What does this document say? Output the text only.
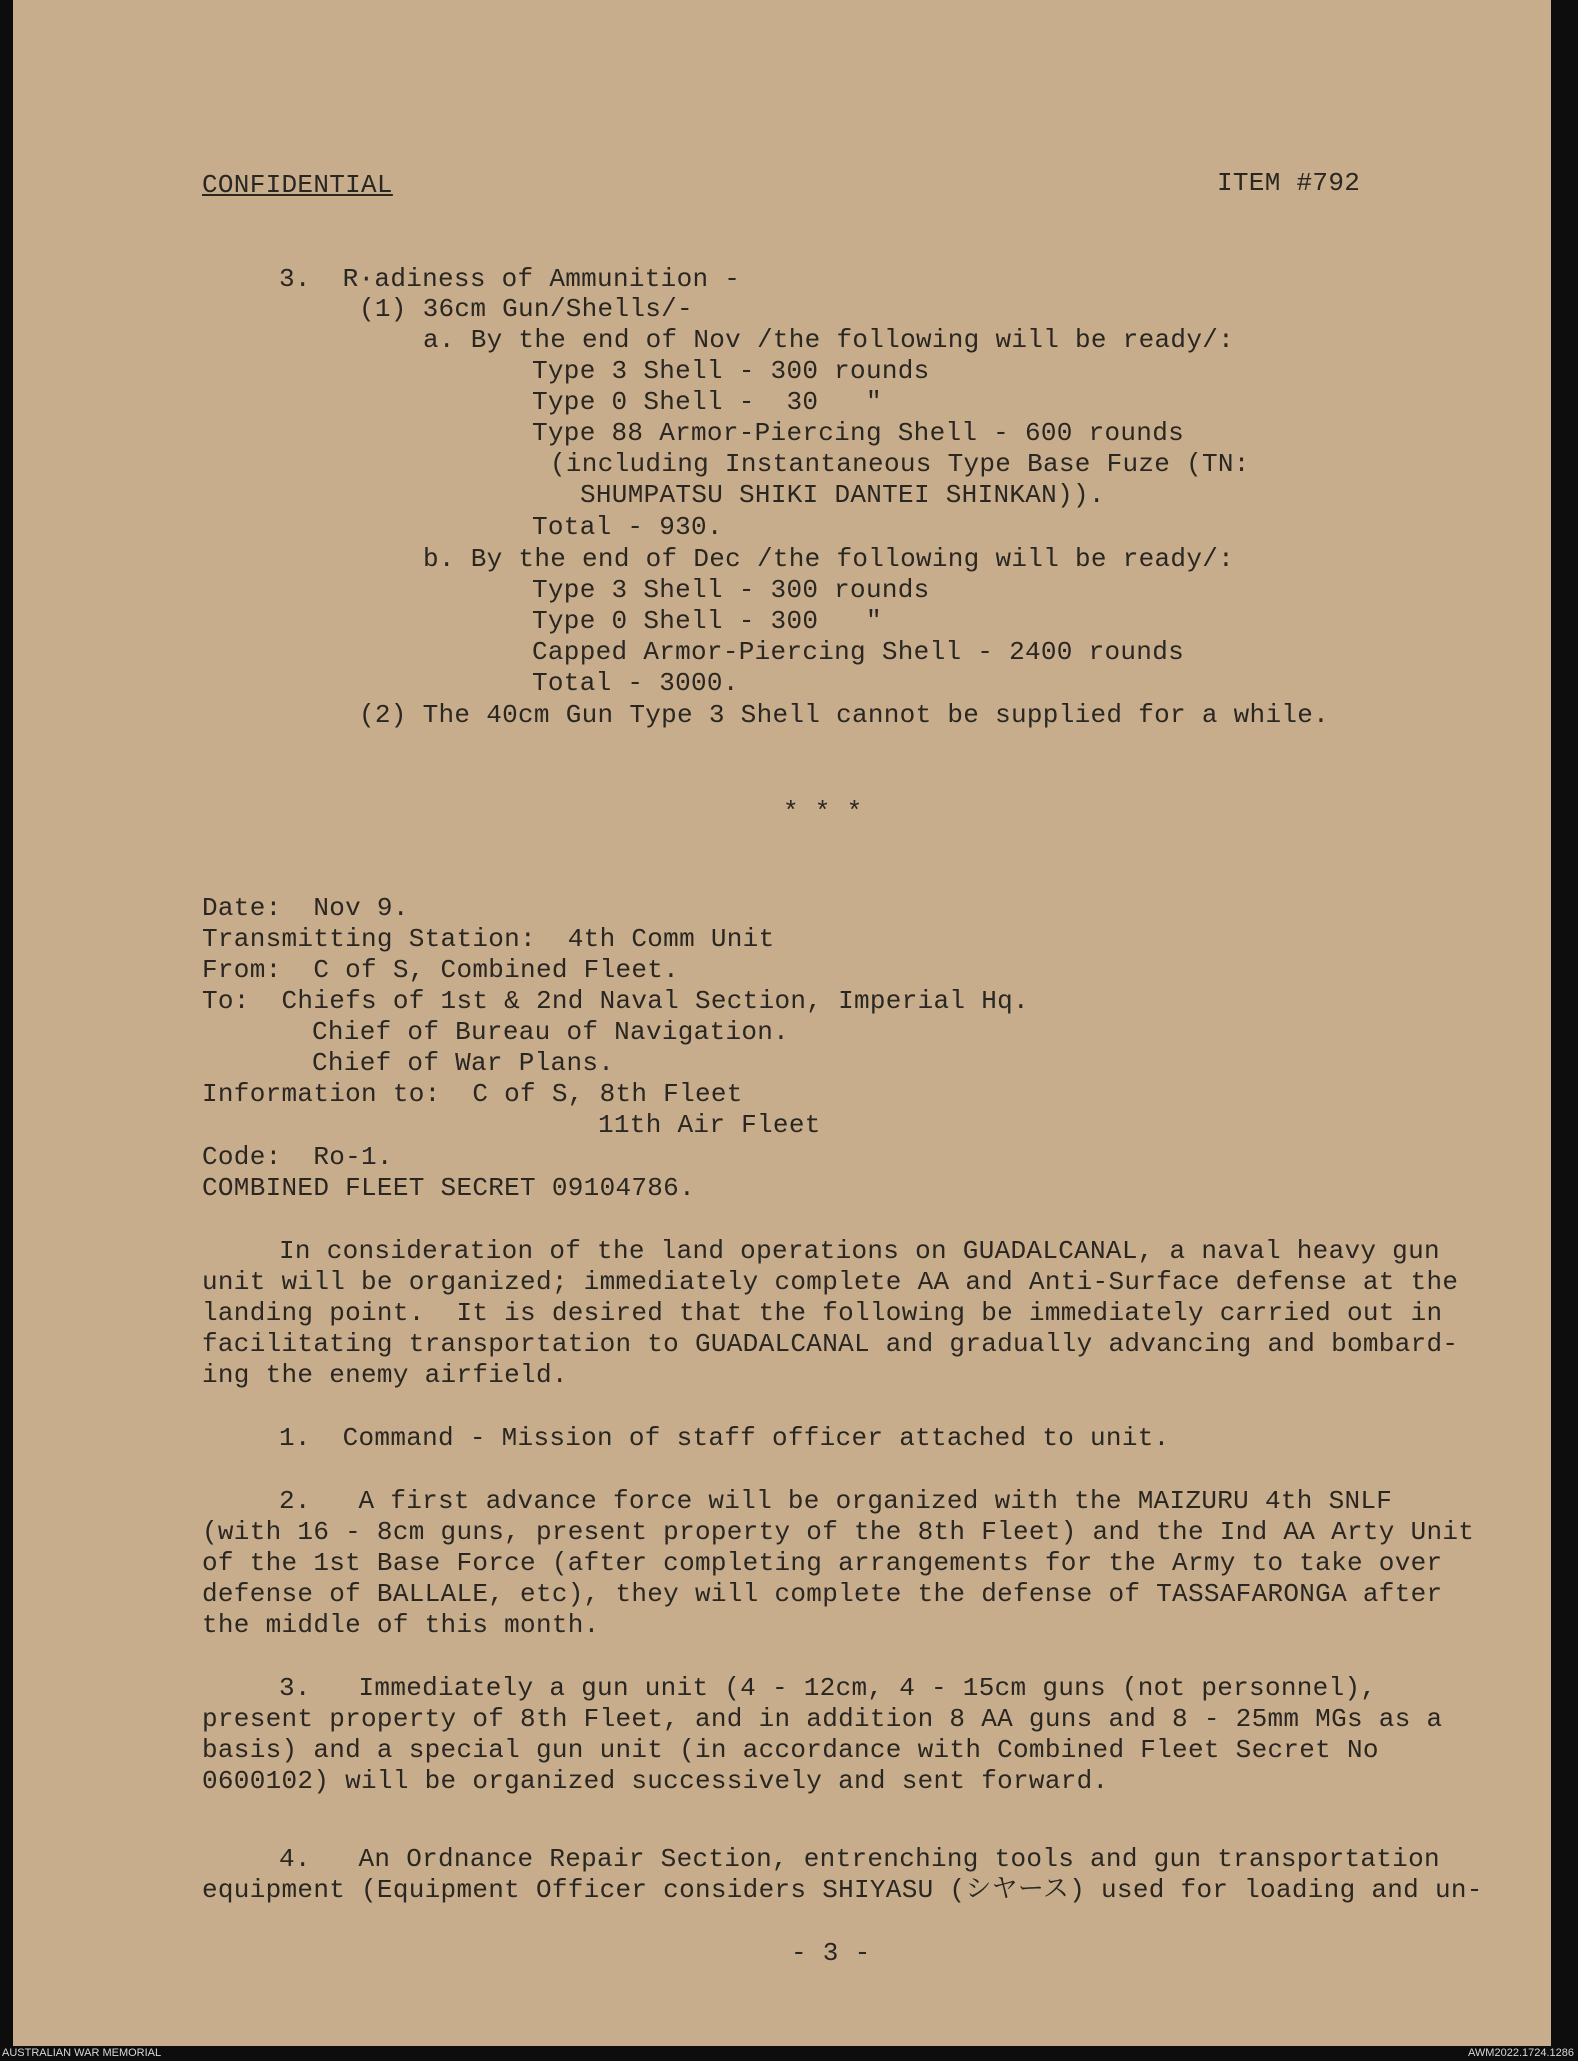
CONFIDENTIAL	ITEM #792
3.  R·adiness of Ammunition -
(1) 36cm Gun/Shells/-
a. By the end of Nov /the following will be ready/:
Type 3 Shell - 300 rounds
Type 0 Shell -  30   "
Type 88 Armor-Piercing Shell - 600 rounds
(including Instantaneous Type Base Fuze (TN:
SHUMPATSU SHIKI DANTEI SHINKAN)).
Total - 930.
b. By the end of Dec /the following will be ready/:
Type 3 Shell - 300 rounds
Type 0 Shell - 300   "
Capped Armor-Piercing Shell - 2400 rounds
Total - 3000.
(2) The 40cm Gun Type 3 Shell cannot be supplied for a while.
* * *
Date:  Nov 9.
Transmitting Station:  4th Comm Unit
From:  C of S, Combined Fleet.
To:  Chiefs of 1st & 2nd Naval Section, Imperial Hq.
Chief of Bureau of Navigation.
Chief of War Plans.
Information to:  C of S, 8th Fleet
11th Air Fleet
Code:  Ro-1.
COMBINED FLEET SECRET 09104786.
In consideration of the land operations on GUADALCANAL, a naval heavy gun
unit will be organized; immediately complete AA and Anti-Surface defense at the
landing point.  It is desired that the following be immediately carried out in
facilitating transportation to GUADALCANAL and gradually advancing and bombard-
ing the enemy airfield.
1.  Command - Mission of staff officer attached to unit.
2.   A first advance force will be organized with the MAIZURU 4th SNLF
(with 16 - 8cm guns, present property of the 8th Fleet) and the Ind AA Arty Unit
of the 1st Base Force (after completing arrangements for the Army to take over
defense of BALLALE, etc), they will complete the defense of TASSAFARONGA after
the middle of this month.
3.   Immediately a gun unit (4 - 12cm, 4 - 15cm guns (not personnel),
present property of 8th Fleet, and in addition 8 AA guns and 8 - 25mm MGs as a
basis) and a special gun unit (in accordance with Combined Fleet Secret No
0600102) will be organized successively and sent forward.
4.   An Ordnance Repair Section, entrenching tools and gun transportation
equipment (Equipment Officer considers SHIYASU (シヤース) used for loading and un-
- 3 -
AUSTRALIAN WAR MEMORIAL	AWM2022.1724.1286
